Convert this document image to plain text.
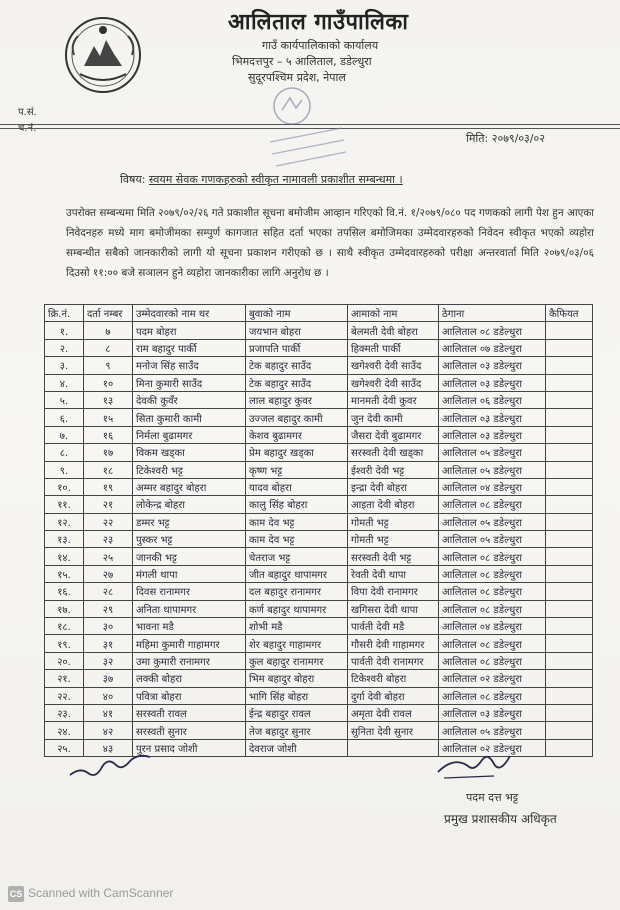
आलिताल गाउँपालिका
गाउँ कार्यपालिकाको कार्यालय
भिमदत्तपुर – ५ आलिताल, डडेल्धुरा
सुदूरपश्चिम प्रदेश, नेपाल
प.सं.
च.नं.
मिति: २०७९/०३/०२
विषय: स्वयम सेवक गणकहरुको स्वीकृत नामावली प्रकाशीत सम्बन्धमा ।
उपरोक्त सम्बन्धमा मिति २०७९/०२/२६ गते प्रकाशीत सूचना बमोजीम आव्हान गरिएको वि.नं. १/२०७९/०८० पद गणकको लागी पेश हुन आएका निवेदनहरु मध्ये माग बमोजीमका सम्पुर्ण कागजात सहित दर्ता भएका तपसिल बमोजिमका उम्मेदवारहरुको निवेदन स्वीकृत भएको व्यहोरा सम्बन्धीत सबैको जानकारीको लागी यो सूचना प्रकाशन गरीएको छ । साथै स्वीकृत उम्मेदवारहरुको परीक्षा अन्तरवार्ता मिति २०७९/०३/०६ दिउसो ११:०० बजे सञालन हुने व्यहोरा जानकारीका लागि अनुरोध छ ।
क्रि.नं.	दर्ता नम्बर	उम्मेदवारको नाम थर	बुवाको नाम	आमाको नाम	ठेगाना	कैफियत
१.	७	पदम बोहरा	जयभान बोहरा	बेलमती देवी बोहरा	आलिताल ०८ डडेल्धुरा	
२.	८	राम बहादुर पार्की	प्रजापति पार्की	हिक्मती पार्की	आलिताल ०७ डडेल्धुरा	
३.	९	मनोज सिंह साउँद	टेक बहादुर साउँद	खगेश्वरी देवी साउँद	आलिताल ०३ डडेल्धुरा	
४.	१०	मिना कुमारी साउँद	टेक बहादुर साउँद	खगेश्वरी देवी साउँद	आलिताल ०३ डडेल्धुरा	
५.	१३	देवकी कुवँर	लाल बहादुर कुवर	मानमती देवी कुवर	आलिताल ०६ डडेल्धुरा	
६.	१५	सिता कुमारी कामी	उज्जल बहादुर कामी	जुन देवी कामी	आलिताल ०३ डडेल्धुरा	
७.	१६	निर्मला बुढामगर	केशव बुढामगर	जैसरा देवी बुढामगर	आलिताल ०३ डडेल्धुरा	
८.	१७	विकम खड्का	प्रेम बहादुर खड्का	सरस्वती देवी खड्का	आलिताल ०५ डडेल्धुरा	
९.	१८	टिकेश्वरी भट्ट	कृष्ण भट्ट	ईश्वरी देवी भट्ट	आलिताल ०५ डडेल्धुरा	
१०.	१९	अम्मर बहादुर बोहरा	यादव बोहरा	इन्द्रा देवी बोहरा	आलिताल ०४ डडेल्धुरा	
११.	२१	लोकेन्द्र बोहरा	कालु सिंह बोहरा	आइता देवी बोहरा	आलिताल ०८ डडेल्धुरा	
१२.	२२	डम्मर भट्ट	काम देव भट्ट	गोमती भट्ट	आलिताल ०५ डडेल्धुरा	
१३.	२३	पुस्कर भट्ट	काम देव भट्ट	गोमती भट्ट	आलिताल ०५ डडेल्धुरा	
१४.	२५	जानकी भट्ट	चेतराज भट्ट	सरस्वती देवी भट्ट	आलिताल ०८ डडेल्धुरा	
१५.	२७	मंगली थापा	जीत बहादुर थापामगर	रेवती देवी थापा	आलिताल ०८ डडेल्धुरा	
१६.	२८	दिवस रानामगर	दल बहादुर रानामगर	विपा देवी रानामगर	आलिताल ०८ डडेल्धुरा	
१७.	२९	अनिता थापामगर	कर्ण बहादुर थापामगर	खगिसरा देवी थापा	आलिताल ०८ डडेल्धुरा	
१८.	३०	भावना मडै	शोभी मडै	पार्वती देवी मडै	आलिताल ०४ डडेल्धुरा	
१९.	३१	महिमा कुमारी गाहामगर	शेर बहादुर गाहामगर	गौसरी देवी गाहामगर	आलिताल ०८ डडेल्धुरा	
२०.	३२	उमा कुमारी रानामगर	कुल बहादुर रानामगर	पार्वती देवी रानामगर	आलिताल ०८ डडेल्धुरा	
२१.	३७	लक्की बोहरा	भिम बहादुर बोहरा	टिकेश्वरी बोहरा	आलिताल ०२ डडेल्धुरा	
२२.	४०	पवित्रा बोहरा	भागि सिंह बोहरा	दुर्गा देवी बोहरा	आलिताल ०८ डडेल्धुरा	
२३.	४१	सरस्वती रावल	ईन्द्र बहादुर रावल	अमृता देवी रावल	आलिताल ०३ डडेल्धुरा	
२४.	४२	सरस्वती सुनार	तेज बहादुर सुनार	सुनिता देवी सुनार	आलिताल ०५ डडेल्धुरा	
२५.	४३	पुरन प्रसाद जोशी	देवराज जोशी		आलिताल ०२ डडेल्धुरा	
पदम दत्त भट्ट
प्रमुख प्रशासकीय अधिकृत
CS Scanned with CamScanner
